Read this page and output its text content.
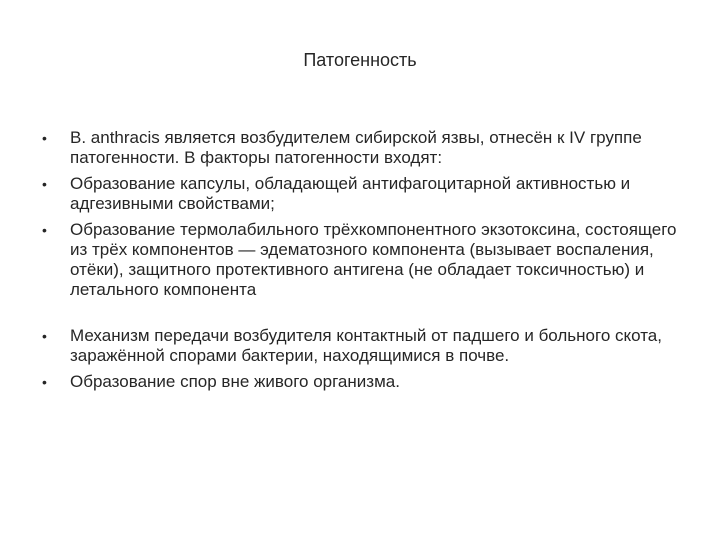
Патогенность
•	B. anthracis является возбудителем сибирской язвы, отнесён к IV группе патогенности. В факторы патогенности входят:
•	Образование капсулы, обладающей антифагоцитарной активностью и адгезивными свойствами;
•	Образование термолабильного трёхкомпонентного экзотоксина, состоящего из трёх компонентов — эдематозного компонента (вызывает воспаления, отёки), защитного протективного антигена (не обладает токсичностью) и летального компонента
•	Механизм передачи возбудителя контактный от падшего и больного скота, заражённой спорами бактерии, находящимися в почве.
•	Образование спор вне живого организма.
